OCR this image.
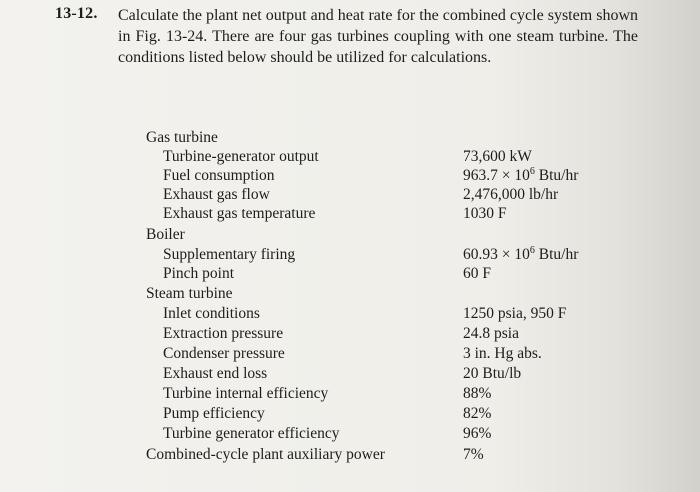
13-12. Calculate the plant net output and heat rate for the combined cycle system shown in Fig. 13-24. There are four gas turbines coupling with one steam turbine. The conditions listed below should be utilized for calculations.
Gas turbine
Turbine-generator output	73,600 kW
Fuel consumption	$963.7 \times 10^6$ Btu/hr
Exhaust gas flow	2,476,000 lb/hr
Exhaust gas temperature	1030 F
Boiler
Supplementary firing	$60.93 \times 10^6$ Btu/hr
Pinch point	60 F
Steam turbine
Inlet conditions	1250 psia, 950 F
Extraction pressure	24.8 psia
Condenser pressure	3 in. Hg abs.
Exhaust end loss	20 Btu/lb
Turbine internal efficiency	88%
Pump efficiency	82%
Turbine generator efficiency	96%
Combined-cycle plant auxiliary power	7%
